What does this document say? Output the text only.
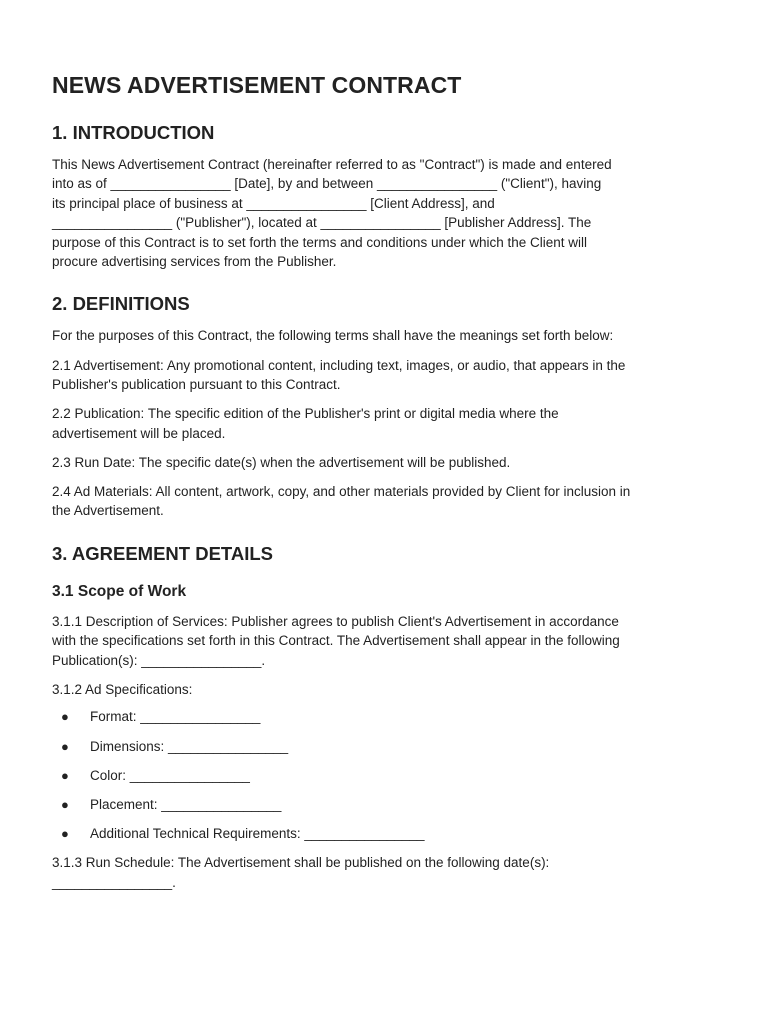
NEWS ADVERTISEMENT CONTRACT
1. INTRODUCTION

This News Advertisement Contract (hereinafter referred to as "Contract") is made and entered
into as of ________________ [Date], by and between ________________ ("Client"), having
its principal place of business at ________________ [Client Address], and
________________ ("Publisher"), located at ________________ [Publisher Address]. The
purpose of this Contract is to set forth the terms and conditions under which the Client will
procure advertising services from the Publisher.

2. DEFINITIONS

For the purposes of this Contract, the following terms shall have the meanings set forth below:

2.1 Advertisement: Any promotional content, including text, images, or audio, that appears in the
Publisher's publication pursuant to this Contract.

2.2 Publication: The specific edition of the Publisher's print or digital media where the
advertisement will be placed.

2.3 Run Date: The specific date(s) when the advertisement will be published.

2.4 Ad Materials: All content, artwork, copy, and other materials provided by Client for inclusion in
the Advertisement.

3. AGREEMENT DETAILS
3.1 Scope of Work

3.1.1 Description of Services: Publisher agrees to publish Client's Advertisement in accordance
with the specifications set forth in this Contract. The Advertisement shall appear in the following
Publication(s): ________________.

3.1.2 Ad Specifications:

● Format: ________________
● Dimensions: ________________
● Color: ________________
● Placement: ________________
● Additional Technical Requirements: ________________

3.1.3 Run Schedule: The Advertisement shall be published on the following date(s):
________________.
